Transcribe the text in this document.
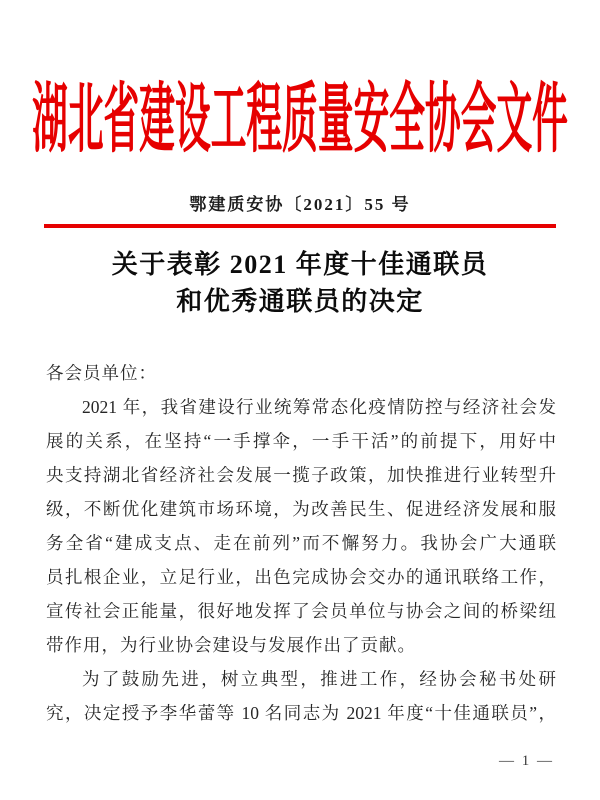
湖北省建设工程质量安全协会文件
鄂建质安协〔2021〕55 号
关于表彰 2021 年度十佳通联员
和优秀通联员的决定
各会员单位：
2021 年，我省建设行业统筹常态化疫情防控与经济社会发
展的关系，在坚持“一手撑伞，一手干活”的前提下，用好中
央支持湖北省经济社会发展一揽子政策，加快推进行业转型升
级，不断优化建筑市场环境，为改善民生、促进经济发展和服
务全省“建成支点、走在前列”而不懈努力。我协会广大通联
员扎根企业，立足行业，出色完成协会交办的通讯联络工作，
宣传社会正能量，很好地发挥了会员单位与协会之间的桥梁纽
带作用，为行业协会建设与发展作出了贡献。
为了鼓励先进，树立典型，推进工作，经协会秘书处研
究，决定授予李华蕾等 10 名同志为 2021 年度“十佳通联员”，
— 1 —
